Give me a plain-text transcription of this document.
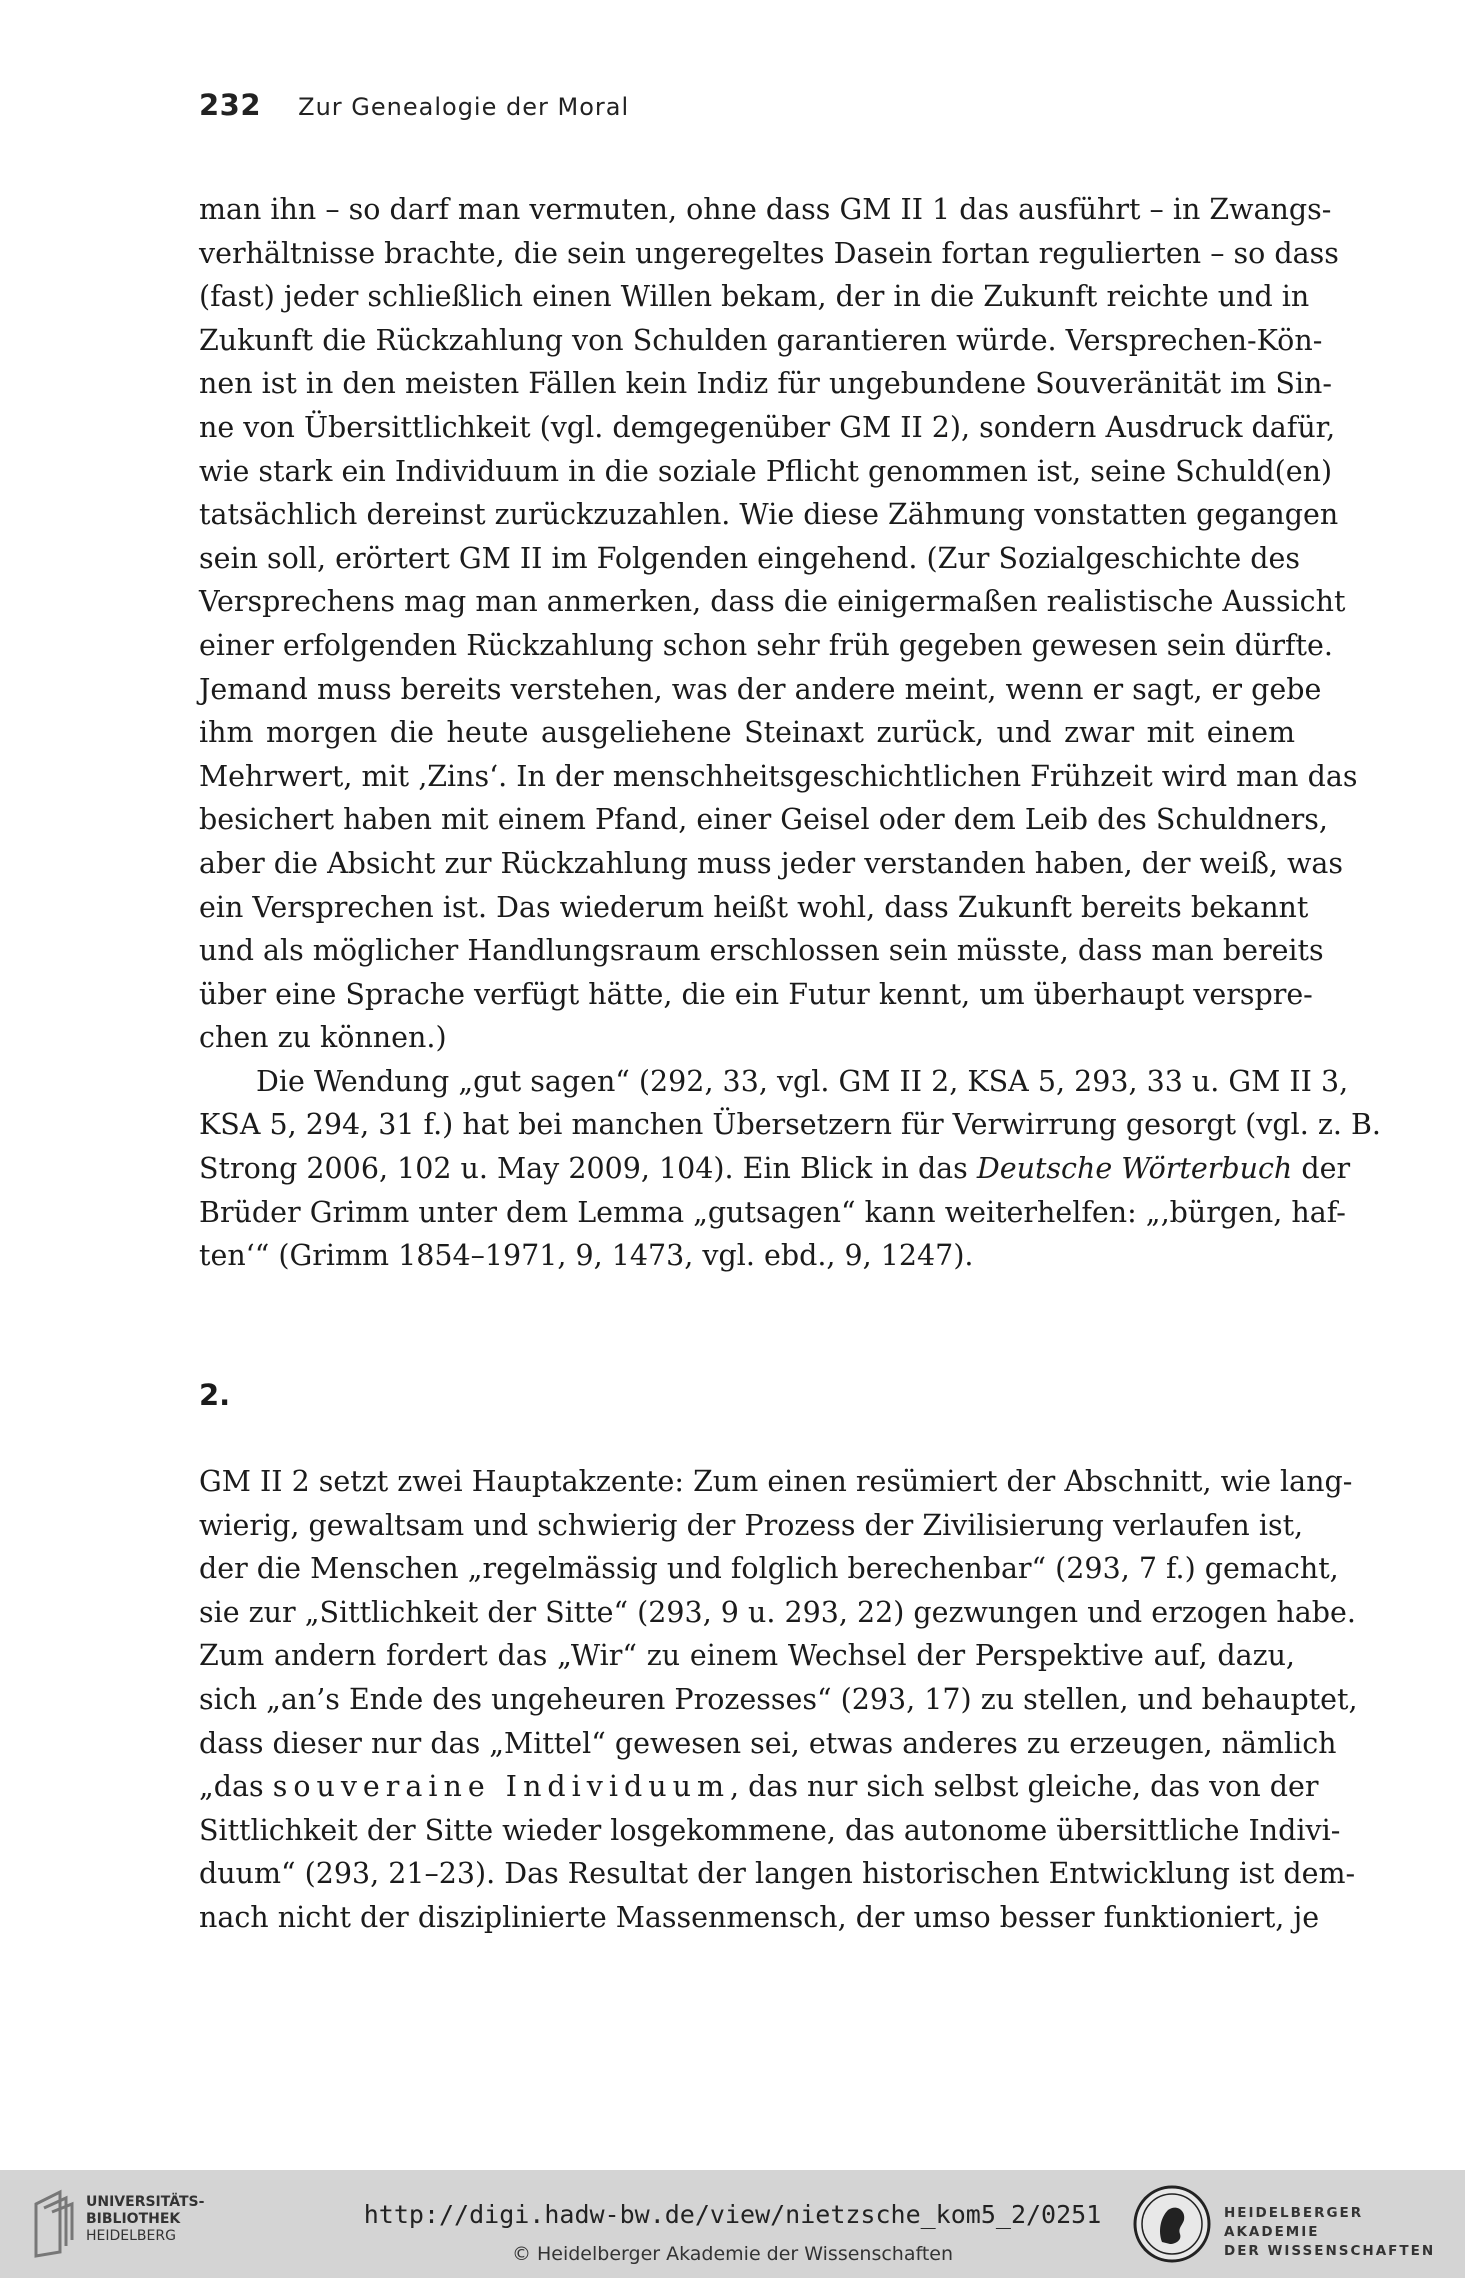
232 Zur Genealogie der Moral
man ihn – so darf man vermuten, ohne dass GM II 1 das ausführt – in Zwangs-
verhältnisse brachte, die sein ungeregeltes Dasein fortan regulierten – so dass
(fast) jeder schließlich einen Willen bekam, der in die Zukunft reichte und in
Zukunft die Rückzahlung von Schulden garantieren würde. Versprechen-Kön-
nen ist in den meisten Fällen kein Indiz für ungebundene Souveränität im Sin-
ne von Übersittlichkeit (vgl. demgegenüber GM II 2), sondern Ausdruck dafür,
wie stark ein Individuum in die soziale Pflicht genommen ist, seine Schuld(en)
tatsächlich dereinst zurückzuzahlen. Wie diese Zähmung vonstatten gegangen
sein soll, erörtert GM II im Folgenden eingehend. (Zur Sozialgeschichte des
Versprechens mag man anmerken, dass die einigermaßen realistische Aussicht
einer erfolgenden Rückzahlung schon sehr früh gegeben gewesen sein dürfte.
Jemand muss bereits verstehen, was der andere meint, wenn er sagt, er gebe
ihm morgen die heute ausgeliehene Steinaxt zurück, und zwar mit einem
Mehrwert, mit ‚Zins‘. In der menschheitsgeschichtlichen Frühzeit wird man das
besichert haben mit einem Pfand, einer Geisel oder dem Leib des Schuldners,
aber die Absicht zur Rückzahlung muss jeder verstanden haben, der weiß, was
ein Versprechen ist. Das wiederum heißt wohl, dass Zukunft bereits bekannt
und als möglicher Handlungsraum erschlossen sein müsste, dass man bereits
über eine Sprache verfügt hätte, die ein Futur kennt, um überhaupt verspre-
chen zu können.)
Die Wendung „gut sagen“ (292, 33, vgl. GM II 2, KSA 5, 293, 33 u. GM II 3,
KSA 5, 294, 31 f.) hat bei manchen Übersetzern für Verwirrung gesorgt (vgl. z. B.
Strong 2006, 102 u. May 2009, 104). Ein Blick in das Deutsche Wörterbuch der
Brüder Grimm unter dem Lemma „gutsagen“ kann weiterhelfen: „‚bürgen, haf-
ten‘“ (Grimm 1854–1971, 9, 1473, vgl. ebd., 9, 1247).
2.
GM II 2 setzt zwei Hauptakzente: Zum einen resümiert der Abschnitt, wie lang-
wierig, gewaltsam und schwierig der Prozess der Zivilisierung verlaufen ist,
der die Menschen „regelmässig und folglich berechenbar“ (293, 7 f.) gemacht,
sie zur „Sittlichkeit der Sitte“ (293, 9 u. 293, 22) gezwungen und erzogen habe.
Zum andern fordert das „Wir“ zu einem Wechsel der Perspektive auf, dazu,
sich „an’s Ende des ungeheuren Prozesses“ (293, 17) zu stellen, und behauptet,
dass dieser nur das „Mittel“ gewesen sei, etwas anderes zu erzeugen, nämlich
„das souveraine Individuum, das nur sich selbst gleiche, das von der
Sittlichkeit der Sitte wieder losgekommene, das autonome übersittliche Indivi-
duum“ (293, 21–23). Das Resultat der langen historischen Entwicklung ist dem-
nach nicht der disziplinierte Massenmensch, der umso besser funktioniert, je
UNIVERSITÄTS-
BIBLIOTHEK
HEIDELBERG
http://digi.hadw-bw.de/view/nietzsche_kom5_2/0251
© Heidelberger Akademie der Wissenschaften
HEIDELBERGER AKADEMIE
DER WISSENSCHAFTEN
